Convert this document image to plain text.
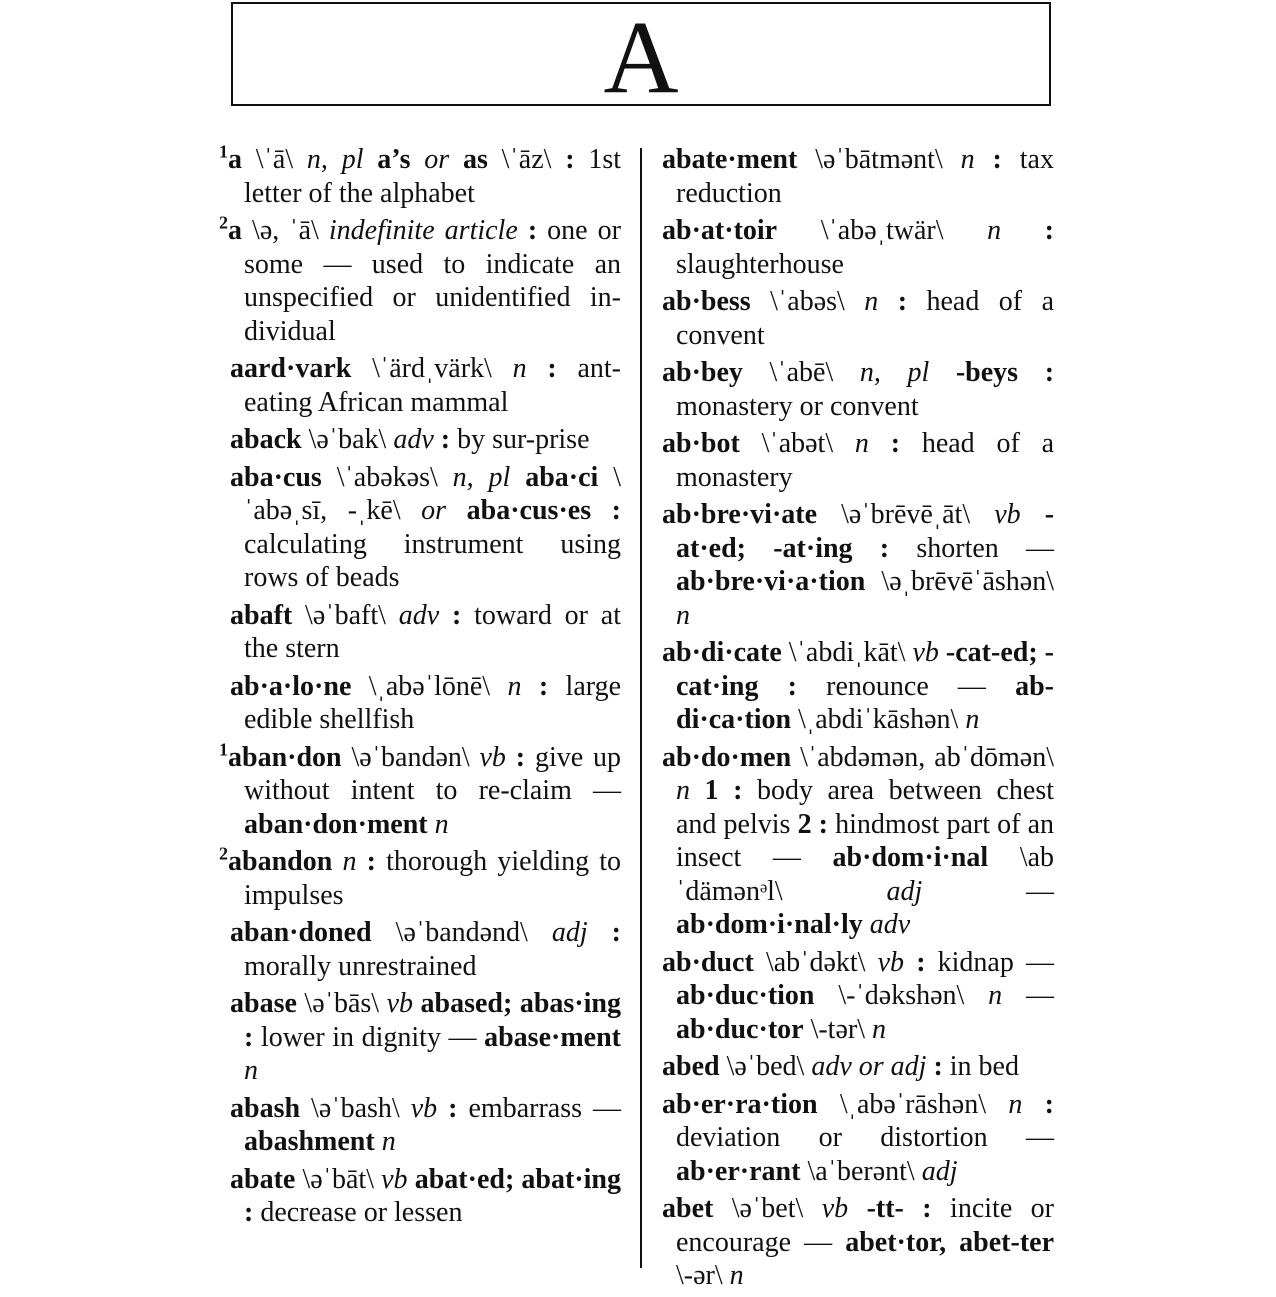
A
$^1$a \ˈā\ n, pl a’s or as \ˈāz\ : 1st letter of the alphabet
$^2$a \ə, ˈā\ indefinite article : one or some — used to indicate an unspecified or unidentified in-dividual
aard·vark \ˈärdˌvärk\ n : ant-eating African mammal
aback \əˈbak\ adv : by sur-prise
aba·cus \ˈabəkəs\ n, pl aba·ci \ˈabəˌsī, -ˌkē\ or aba·cus·es : calculating instrument using rows of beads
abaft \əˈbaft\ adv : toward or at the stern
ab·a·lo·ne \ˌabəˈlōnē\ n : large edible shellfish
$^1$aban·don \əˈbandən\ vb : give up without intent to re-claim — aban·don·ment n
$^2$abandon n : thorough yielding to impulses
aban·doned \əˈbandənd\ adj : morally unrestrained
abase \əˈbās\ vb abased; abas·ing : lower in dignity — abase·ment n
abash \əˈbash\ vb : embarrass — abashment n
abate \əˈbāt\ vb abat·ed; abat·ing : decrease or lessen
abate·ment \əˈbātmənt\ n : tax reduction
ab·at·toir \ˈabəˌtwär\ n : slaughterhouse
ab·bess \ˈabəs\ n : head of a convent
ab·bey \ˈabē\ n, pl -beys : monastery or convent
ab·bot \ˈabət\ n : head of a monastery
ab·bre·vi·ate \əˈbrēvēˌāt\ vb -at·ed; -at·ing : shorten — ab·bre·vi·a·tion \əˌbrēvēˈāshən\ n
ab·di·cate \ˈabdiˌkāt\ vb -cat-ed; -cat·ing : renounce — ab-di·ca·tion \ˌabdiˈkāshən\ n
ab·do·men \ˈabdəmən, abˈdōmən\ n 1 : body area between chest and pelvis 2 : hindmost part of an insect — ab·dom·i·nal \abˈdämənᵊl\ adj — ab·dom·i·nal·ly adv
ab·duct \abˈdəkt\ vb : kidnap — ab·duc·tion \-ˈdəkshən\ n — ab·duc·tor \-tər\ n
abed \əˈbed\ adv or adj : in bed
ab·er·ra·tion \ˌabəˈrāshən\ n : deviation or distortion — ab·er·rant \aˈberənt\ adj
abet \əˈbet\ vb -tt- : incite or encourage — abet·tor, abet-ter \-ər\ n
